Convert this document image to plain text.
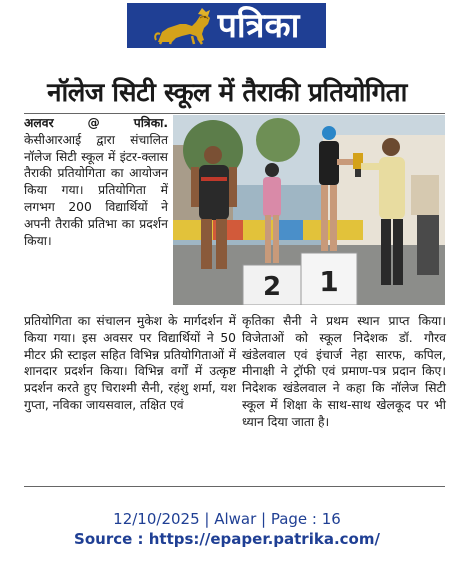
पत्रिका
नॉलेज सिटी स्कूल में तैराकी प्रतियोगिता
अलवर @ पत्रिका. केसीआरआई द्वारा संचालित नॉलेज सिटी स्कूल में इंटर-क्लास तैराकी प्रतियोगिता का आयोजन किया गया। प्रतियोगिता में लगभग 200 विद्यार्थियों ने अपनी तैराकी प्रतिभा का प्रदर्शन किया।
2 1
प्रतियोगिता का संचालन मुकेश के मार्गदर्शन में किया गया। इस अवसर पर विद्यार्थियों ने 50 मीटर फ्री स्टाइल सहित विभिन्न प्रतियोगिताओं में शानदार प्रदर्शन किया। विभिन्न वर्गों में उत्कृष्ट प्रदर्शन करते हुए चिराश्मी सैनी, रहंशु शर्मा, यश गुप्ता, नविका जायसवाल, तक्षित एवं
कृतिका सैनी ने प्रथम स्थान प्राप्त किया। विजेताओं को स्कूल निदेशक डॉ. गौरव खंडेलवाल एवं इंचार्ज नेहा सारफ, कपिल, मीनाक्षी ने ट्रॉफी एवं प्रमाण-पत्र प्रदान किए। निदेशक खंडेलवाल ने कहा कि नॉलेज सिटी स्कूल में शिक्षा के साथ-साथ खेलकूद पर भी ध्यान दिया जाता है।
12/10/2025 | Alwar | Page : 16
Source : https://epaper.patrika.com/
